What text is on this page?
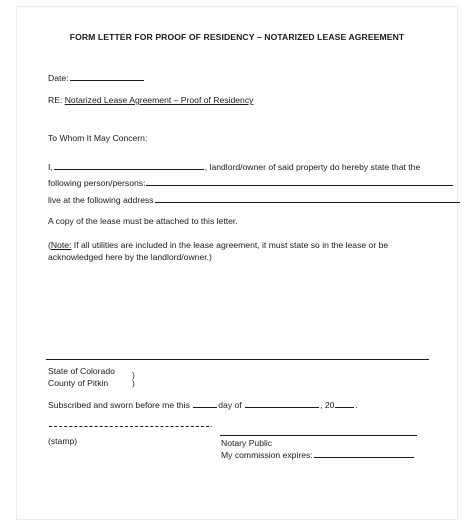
FORM LETTER FOR PROOF OF RESIDENCY – NOTARIZED LEASE AGREEMENT
Date:
RE: Notarized Lease Agreement – Proof of Residency
To Whom It May Concern:
I,	, landlord/owner of said property do hereby state that the
following person/persons:
live at the following address
A copy of the lease must be attached to this letter.
(Note: If all utilities are included in the lease agreement, it must state so in the lease or be
acknowledged here by the landlord/owner.)
State of Colorado )
County of Pitkin	)
Subscribed and sworn before me this	day of	, 20 .
.
(stamp)	Notary Public
My commission expires:
